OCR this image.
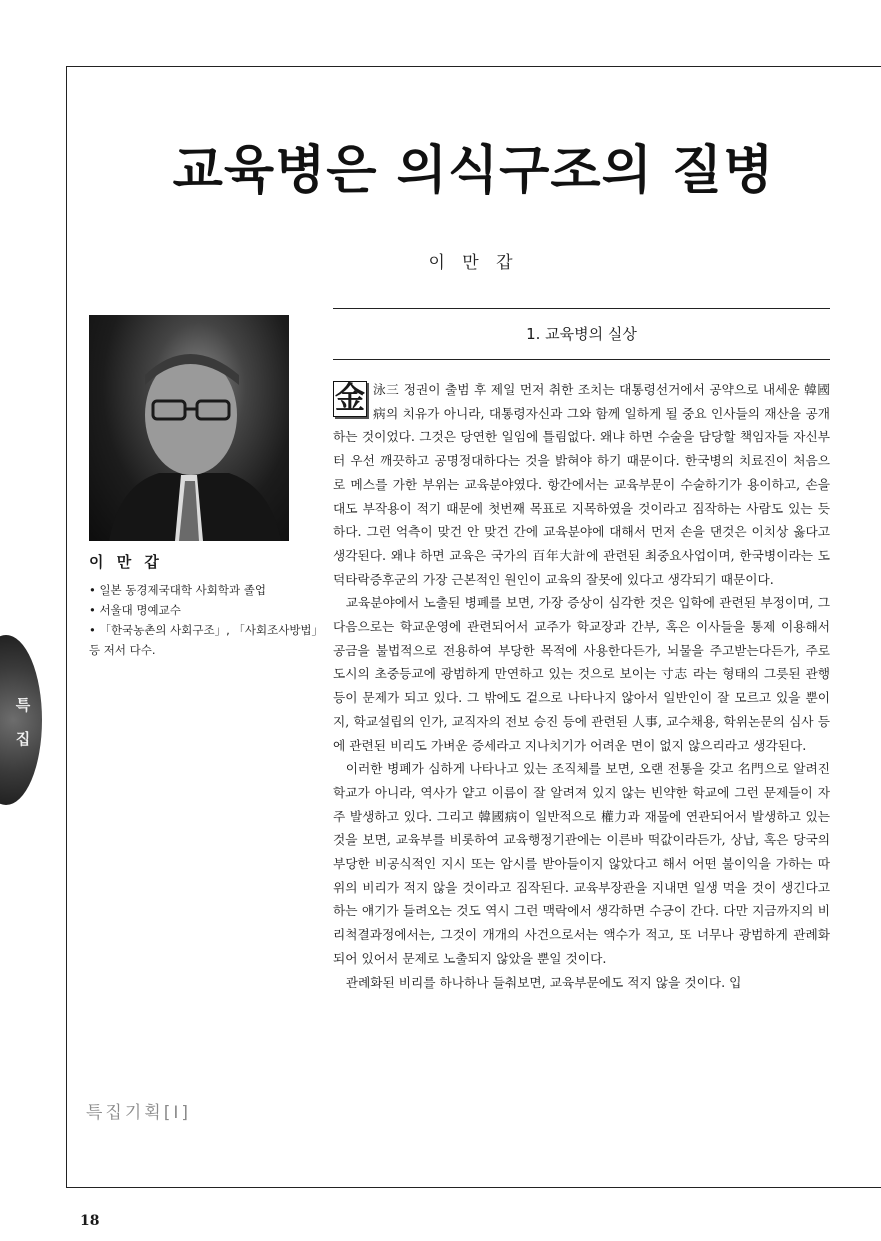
교육병은 의식구조의 질병
이 만 갑
이 만 갑
• 일본 동경제국대학 사회학과 졸업
• 서울대 명예교수
• 「한국농촌의 사회구조」, 「사회조사방법」
등 저서 다수.
특
집
특집기획[Ⅰ]
1. 교육병의 실상

金 泳三 정권이 출범 후 제일 먼저 취한 조치는 대통령선거에서 공약으로 내세운 韓國病의 치유가 아니라, 대통령자신과 그와 함께 일하게 될 중요 인사들의 재산을 공개하는 것이었다. 그것은 당연한 일임에 틀림없다. 왜냐 하면 수술을 담당할 책임자들 자신부터 우선 깨끗하고 공명정대하다는 것을 밝혀야 하기 때문이다. 한국병의 치료진이 처음으로 메스를 가한 부위는 교육분야였다. 항간에서는 교육부문이 수술하기가 용이하고, 손을 대도 부작용이 적기 때문에 첫번째 목표로 지목하였을 것이라고 짐작하는 사람도 있는 듯하다. 그런 억측이 맞건 안 맞건 간에 교육분야에 대해서 먼저 손을 댄것은 이치상 옳다고 생각된다. 왜냐 하면 교육은 국가의 百年大計에 관련된 최중요사업이며, 한국병이라는 도덕타락증후군의 가장 근본적인 원인이 교육의 잘못에 있다고 생각되기 때문이다.

교육분야에서 노출된 병폐를 보면, 가장 증상이 심각한 것은 입학에 관련된 부정이며, 그 다음으로는 학교운영에 관련되어서 교주가 학교장과 간부, 혹은 이사들을 통제 이용해서 공금을 불법적으로 전용하여 부당한 목적에 사용한다든가, 뇌물을 주고받는다든가, 주로 도시의 초중등교에 광범하게 만연하고 있는 것으로 보이는 寸志 라는 형태의 그릇된 관행 등이 문제가 되고 있다. 그 밖에도 겉으로 나타나지 않아서 일반인이 잘 모르고 있을 뿐이지, 학교설립의 인가, 교직자의 전보 승진 등에 관련된 人事, 교수채용, 학위논문의 심사 등에 관련된 비리도 가벼운 증세라고 지나치기가 어려운 면이 없지 않으리라고 생각된다.

이러한 병폐가 심하게 나타나고 있는 조직체를 보면, 오랜 전통을 갖고 名門으로 알려진 학교가 아니라, 역사가 얕고 이름이 잘 알려져 있지 않는 빈약한 학교에 그런 문제들이 자주 발생하고 있다. 그리고 韓國病이 일반적으로 權力과 재물에 연관되어서 발생하고 있는 것을 보면, 교육부를 비롯하여 교육행정기관에는 이른바 떡값이라든가, 상납, 혹은 당국의 부당한 비공식적인 지시 또는 암시를 받아들이지 않았다고 해서 어떤 불이익을 가하는 따위의 비리가 적지 않을 것이라고 짐작된다. 교육부장관을 지내면 일생 먹을 것이 생긴다고 하는 얘기가 들려오는 것도 역시 그런 맥락에서 생각하면 수긍이 간다. 다만 지금까지의 비리척결과정에서는, 그것이 개개의 사건으로서는 액수가 적고, 또 너무나 광범하게 관례화되어 있어서 문제로 노출되지 않았을 뿐일 것이다.

관례화된 비리를 하나하나 들춰보면, 교육부문에도 적지 않을 것이다. 입

18
